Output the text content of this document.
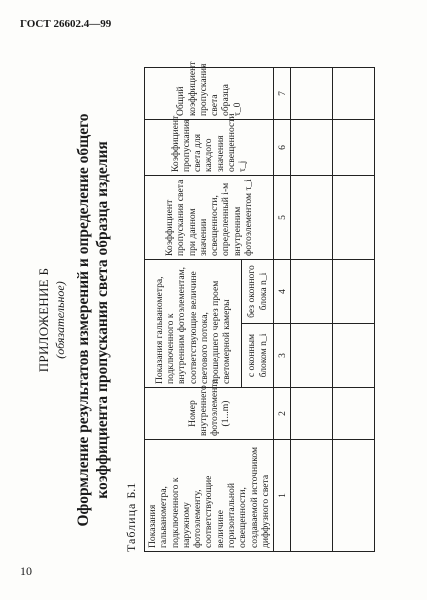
ГОСТ 26602.4—99
ПРИЛОЖЕНИЕ Б (обязательное) Оформление результатов измерений и определение общего коэффициента пропускания света образца изделия
ТаблицаБ.1
Показания гальванометра, подключенного к наружному фотоэлементу, соответствующие величине горизонтальной освещенности, создаваемой источником диффузного света	Номер внутреннего фотоэлемента (1...m)	Показания гальванометра, подключенного к внутренним фотоэлементам, соответствующие величине светового потока, прошедшего через проем светомерной камеры		Коэффициент пропускания света при данном значении освещенности, определенный i-м внутренним фотоэлементом τ_i	Коэффициент пропускания света для каждого значения освещенности τ_j	Общий коэффициент пропускания света образца τ_0
		с оконным блоком n_i	без оконного блока n_i			
1	2	3	4	5	6	7

10
